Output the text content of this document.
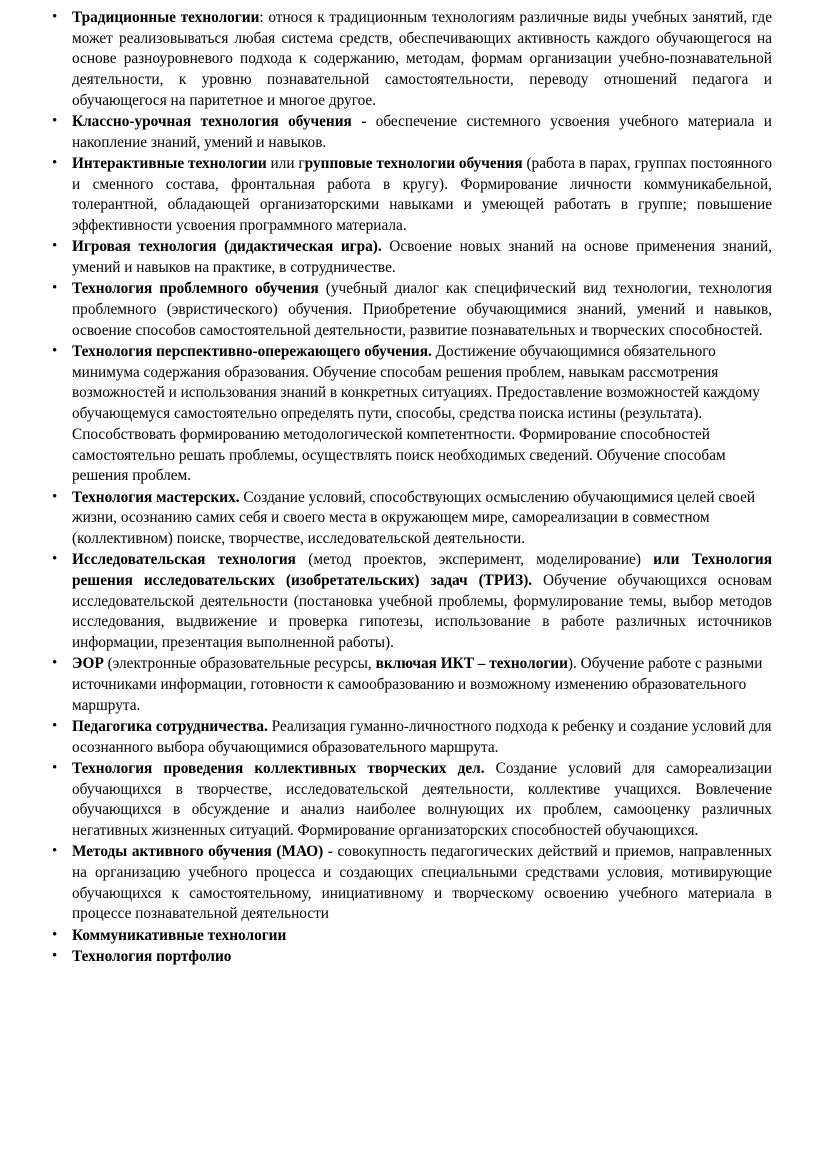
• Традиционные технологии: относя к традиционным технологиям различные виды учебных занятий, где может реализовываться любая система средств, обеспечивающих активность каждого обучающегося на основе разноуровневого подхода к содержанию, методам, формам организации учебно-познавательной деятельности, к уровню познавательной самостоятельности, переводу отношений педагога и обучающегося на паритетное и многое другое.

• Классно-урочная технология обучения - обеспечение системного усвоения учебного материала и накопление знаний, умений и навыков.

• Интерактивные технологии или групповые технологии обучения (работа в парах, группах постоянного и сменного состава, фронтальная работа в кругу). Формирование личности коммуникабельной, толерантной, обладающей организаторскими навыками и умеющей работать в группе; повышение эффективности усвоения программного материала.

• Игровая технология (дидактическая игра). Освоение новых знаний на основе применения знаний, умений и навыков на практике, в сотрудничестве.

• Технология проблемного обучения (учебный диалог как специфический вид технологии, технология проблемного (эвристического) обучения. Приобретение обучающимися знаний, умений и навыков, освоение способов самостоятельной деятельности, развитие познавательных и творческих способностей.

• Технология перспективно-опережающего обучения. Достижение обучающимися обязательного минимума содержания образования. Обучение способам решения проблем, навыкам рассмотрения возможностей и использования знаний в конкретных ситуациях. Предоставление возможностей каждому обучающемуся самостоятельно определять пути, способы, средства поиска истины (результата). Способствовать формированию методологической компетентности. Формирование способностей самостоятельно решать проблемы, осуществлять поиск необходимых сведений. Обучение способам решения проблем.

• Технология мастерских. Создание условий, способствующих осмыслению обучающимися целей своей жизни, осознанию самих себя и своего места в окружающем мире, самореализации в совместном (коллективном) поиске, творчестве, исследовательской деятельности.

• Исследовательская технология (метод проектов, эксперимент, моделирование) или Технология решения исследовательских (изобретательских) задач (ТРИЗ). Обучение обучающихся основам исследовательской деятельности (постановка учебной проблемы, формулирование темы, выбор методов исследования, выдвижение и проверка гипотезы, использование в работе различных источников информации, презентация выполненной работы).

• ЭОР (электронные образовательные ресурсы, включая ИКТ – технологии). Обучение работе с разными источниками информации, готовности к самообразованию и возможному изменению образовательного маршрута.

• Педагогика сотрудничества. Реализация гуманно-личностного подхода к ребенку и создание условий для осознанного выбора обучающимися образовательного маршрута.

• Технология проведения коллективных творческих дел. Создание условий для самореализации обучающихся в творчестве, исследовательской деятельности, коллективе учащихся. Вовлечение обучающихся в обсуждение и анализ наиболее волнующих их проблем, самооценку различных негативных жизненных ситуаций. Формирование организаторских способностей обучающихся.

• Методы активного обучения (МАО) - совокупность педагогических действий и приемов, направленных на организацию учебного процесса и создающих специальными средствами условия, мотивирующие обучающихся к самостоятельному, инициативному и творческому освоению учебного материала в процессе познавательной деятельности

• Коммуникативные технологии

• Технология портфолио
